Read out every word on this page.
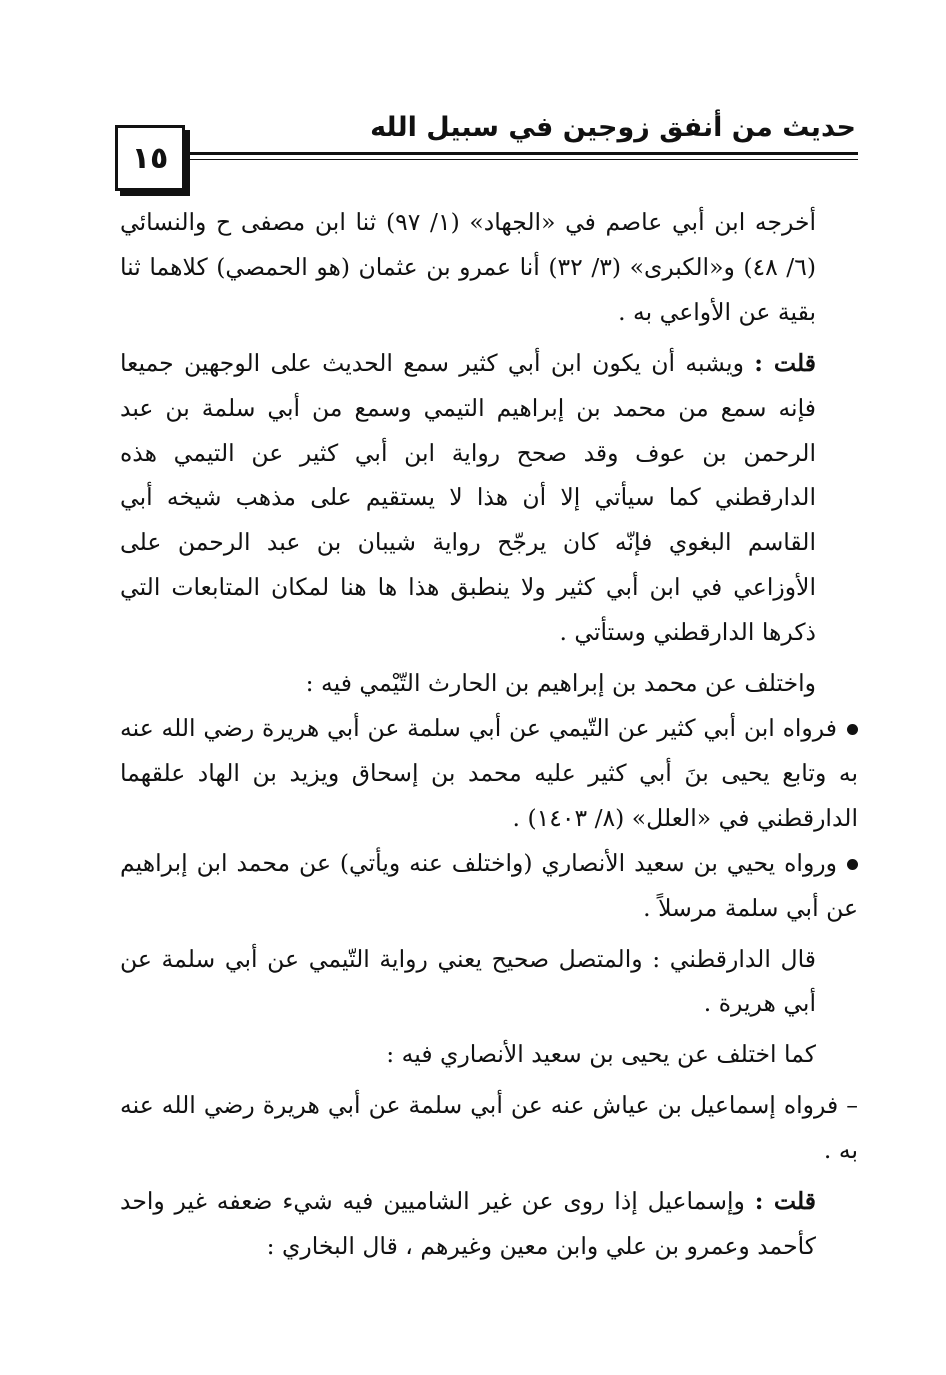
حديث من أنفق زوجين في سبيل الله
١٥

أخرجه ابن أبي عاصم في «الجهاد» (١/ ٩٧) ثنا ابن مصفى ح والنسائي (٦/ ٤٨) و«الكبرى» (٣/ ٣٢) أنا عمرو بن عثمان (هو الحمصي) كلاهما ثنا بقية عن الأواعي به .

قلت : ويشبه أن يكون ابن أبي كثير سمع الحديث على الوجهين جميعا فإنه سمع من محمد بن إبراهيم التيمي وسمع من أبي سلمة بن عبد الرحمن بن عوف وقد صحح رواية ابن أبي كثير عن التيمي هذه الدارقطني كما سيأتي إلا أن هذا لا يستقيم على مذهب شيخه أبي القاسم البغوي فإنّه كان يرجّح رواية شيبان بن عبد الرحمن على الأوزاعي في ابن أبي كثير ولا ينطبق هذا ها هنا لمكان المتابعات التي ذكرها الدارقطني وستأتي .

واختلف عن محمد بن إبراهيم بن الحارث التّيْمي فيه :

فرواه ابن أبي كثير عن التّيمي عن أبي سلمة عن أبي هريرة رضي الله عنه به وتابع يحيى بنَ أبي كثير عليه محمد بن إسحاق ويزيد بن الهاد علقهما الدارقطني في «العلل» (٨/ ١٤٠٣) .

ورواه يحيي بن سعيد الأنصاري (واختلف عنه ويأتي) عن محمد ابن إبراهيم عن أبي سلمة مرسلاً .

قال الدارقطني : والمتصل صحيح يعني رواية التّيمي عن أبي سلمة عن أبي هريرة .

كما اختلف عن يحيى بن سعيد الأنصاري فيه :

– فرواه إسماعيل بن عياش عنه عن أبي سلمة عن أبي هريرة رضي الله عنه به .

قلت : وإسماعيل إذا روى عن غير الشاميين فيه شيء ضعفه غير واحد كأحمد وعمرو بن علي وابن معين وغيرهم ، قال البخاري :
